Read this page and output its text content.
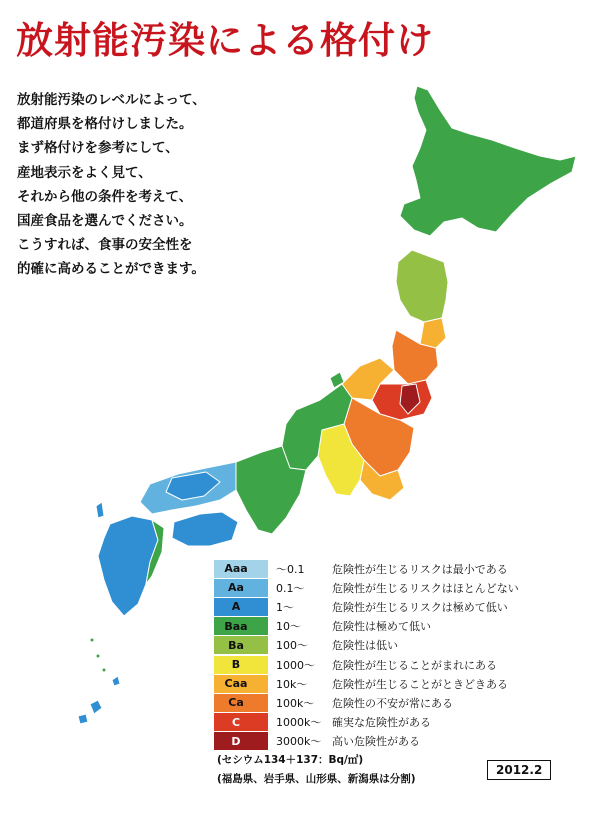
放射能汚染による格付け
放射能汚染のレベルによって、
都道府県を格付けしました。
まず格付けを参考にして、
産地表示をよく見て、
それから他の条件を考えて、
国産食品を選んでください。
こうすれば、食事の安全性を
的確に高めることができます。
Aaa	～0.1	危険性が生じるリスクは最小である
Aa	0.1～	危険性が生じるリスクはほとんどない
A	1～	危険性が生じるリスクは極めて低い
Baa	10～	危険性は極めて低い
Ba	100～	危険性は低い
B	1000～	危険性が生じることがまれにある
Caa	10k～	危険性が生じることがときどきある
Ca	100k～	危険性の不安が常にある
C	1000k～ 確実な危険性がある
D	3000k～ 高い危険性がある
(セシウム134＋137：Bq/㎡)
(福島県、岩手県、山形県、新潟県は分割)
2012.2
